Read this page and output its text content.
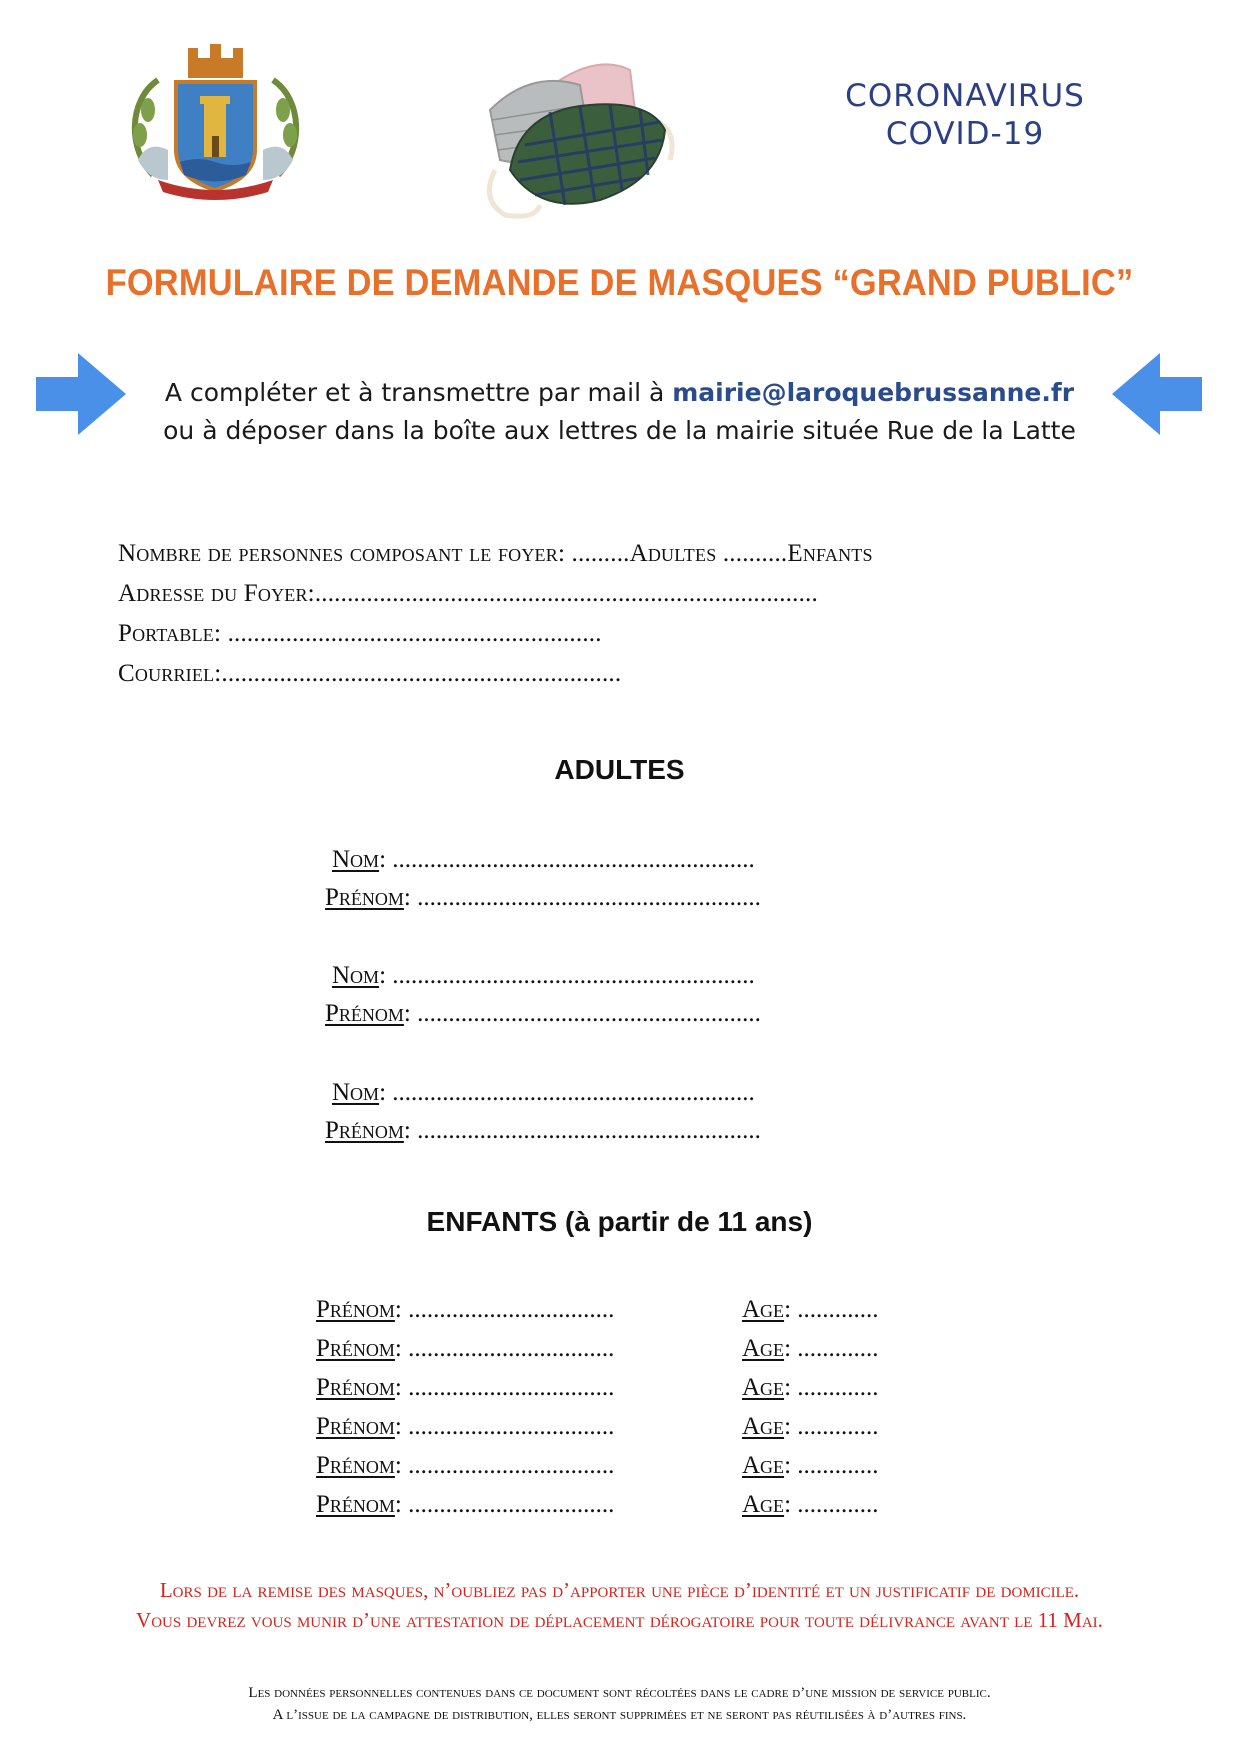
CORONAVIRUS
COVID-19
FORMULAIRE DE DEMANDE DE MASQUES “GRAND PUBLIC”
A compléter et à transmettre par mail à mairie@laroquebrussanne.fr
ou à déposer dans la boîte aux lettres de la mairie située Rue de la Latte
Nombre de personnes composant le foyer: .........Adultes ..........Enfants
Adresse du Foyer:..............................................................................
Portable: ..........................................................
Courriel:..............................................................
ADULTES
Nom: ..........................................................
Prénom: .......................................................
Nom: ..........................................................
Prénom: .......................................................
Nom: ..........................................................
Prénom: .......................................................
ENFANTS (à partir de 11 ans)
Prénom: .................................	Age: .............
Prénom: .................................	Age: .............
Prénom: .................................	Age: .............
Prénom: .................................	Age: .............
Prénom: .................................	Age: .............
Prénom: .................................	Age: .............
Lors de la remise des masques, n’oubliez pas d’apporter une pièce d’identité et un justificatif de domicile.
Vous devrez vous munir d’une attestation de déplacement dérogatoire pour toute délivrance avant le 11 Mai.
Les données personnelles contenues dans ce document sont récoltées dans le cadre d’une mission de service public.
A l’issue de la campagne de distribution, elles seront supprimées et ne seront pas réutilisées à d’autres fins.
